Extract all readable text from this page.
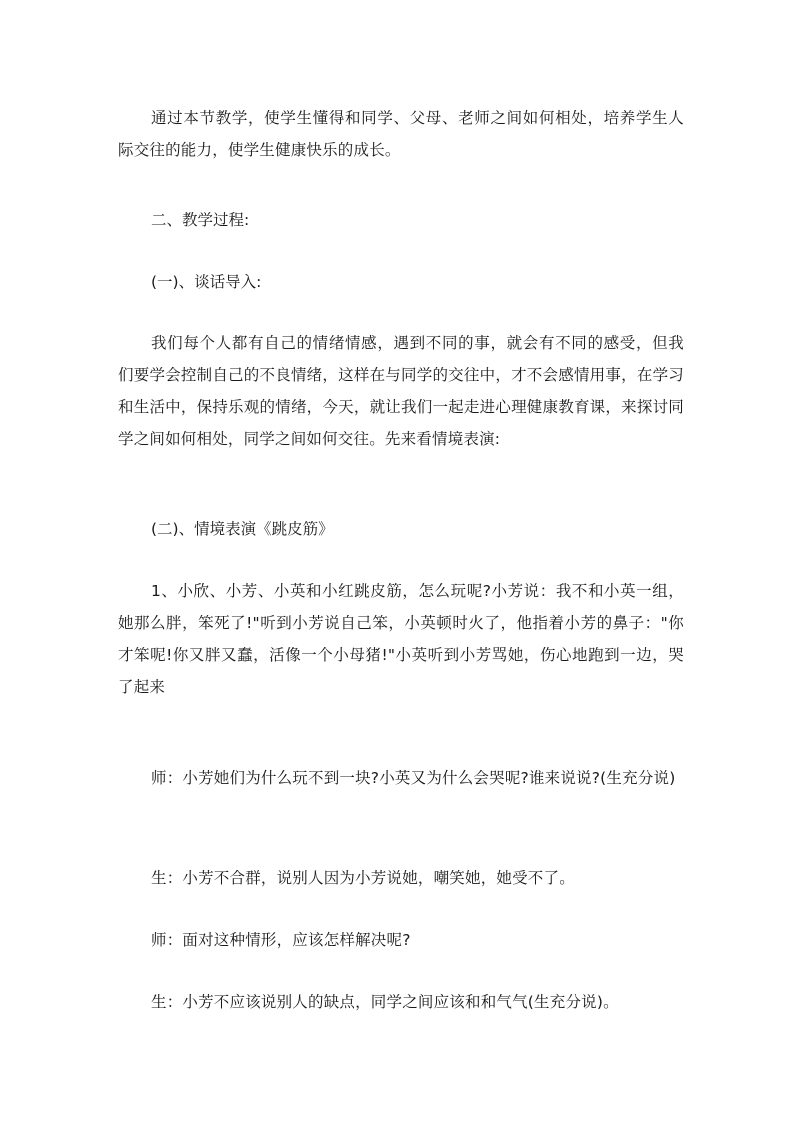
通过本节教学，使学生懂得和同学、父母、老师之间如何相处，培养学生人际交往的能力，使学生健康快乐的成长。

二、教学过程:

(一)、谈话导入:

我们每个人都有自己的情绪情感，遇到不同的事，就会有不同的感受，但我们要学会控制自己的不良情绪，这样在与同学的交往中，才不会感情用事，在学习和生活中，保持乐观的情绪，今天，就让我们一起走进心理健康教育课，来探讨同学之间如何相处，同学之间如何交往。先来看情境表演:

(二)、情境表演《跳皮筋》

1、小欣、小芳、小英和小红跳皮筋，怎么玩呢?小芳说：我不和小英一组，她那么胖，笨死了!"听到小芳说自己笨，小英顿时火了，他指着小芳的鼻子："你才笨呢!你又胖又蠢，活像一个小母猪!"小英听到小芳骂她，伤心地跑到一边，哭了起来

师：小芳她们为什么玩不到一块?小英又为什么会哭呢?谁来说说?(生充分说)

生：小芳不合群，说别人因为小芳说她，嘲笑她，她受不了。

师：面对这种情形，应该怎样解决呢?

生：小芳不应该说别人的缺点，同学之间应该和和气气(生充分说)。
